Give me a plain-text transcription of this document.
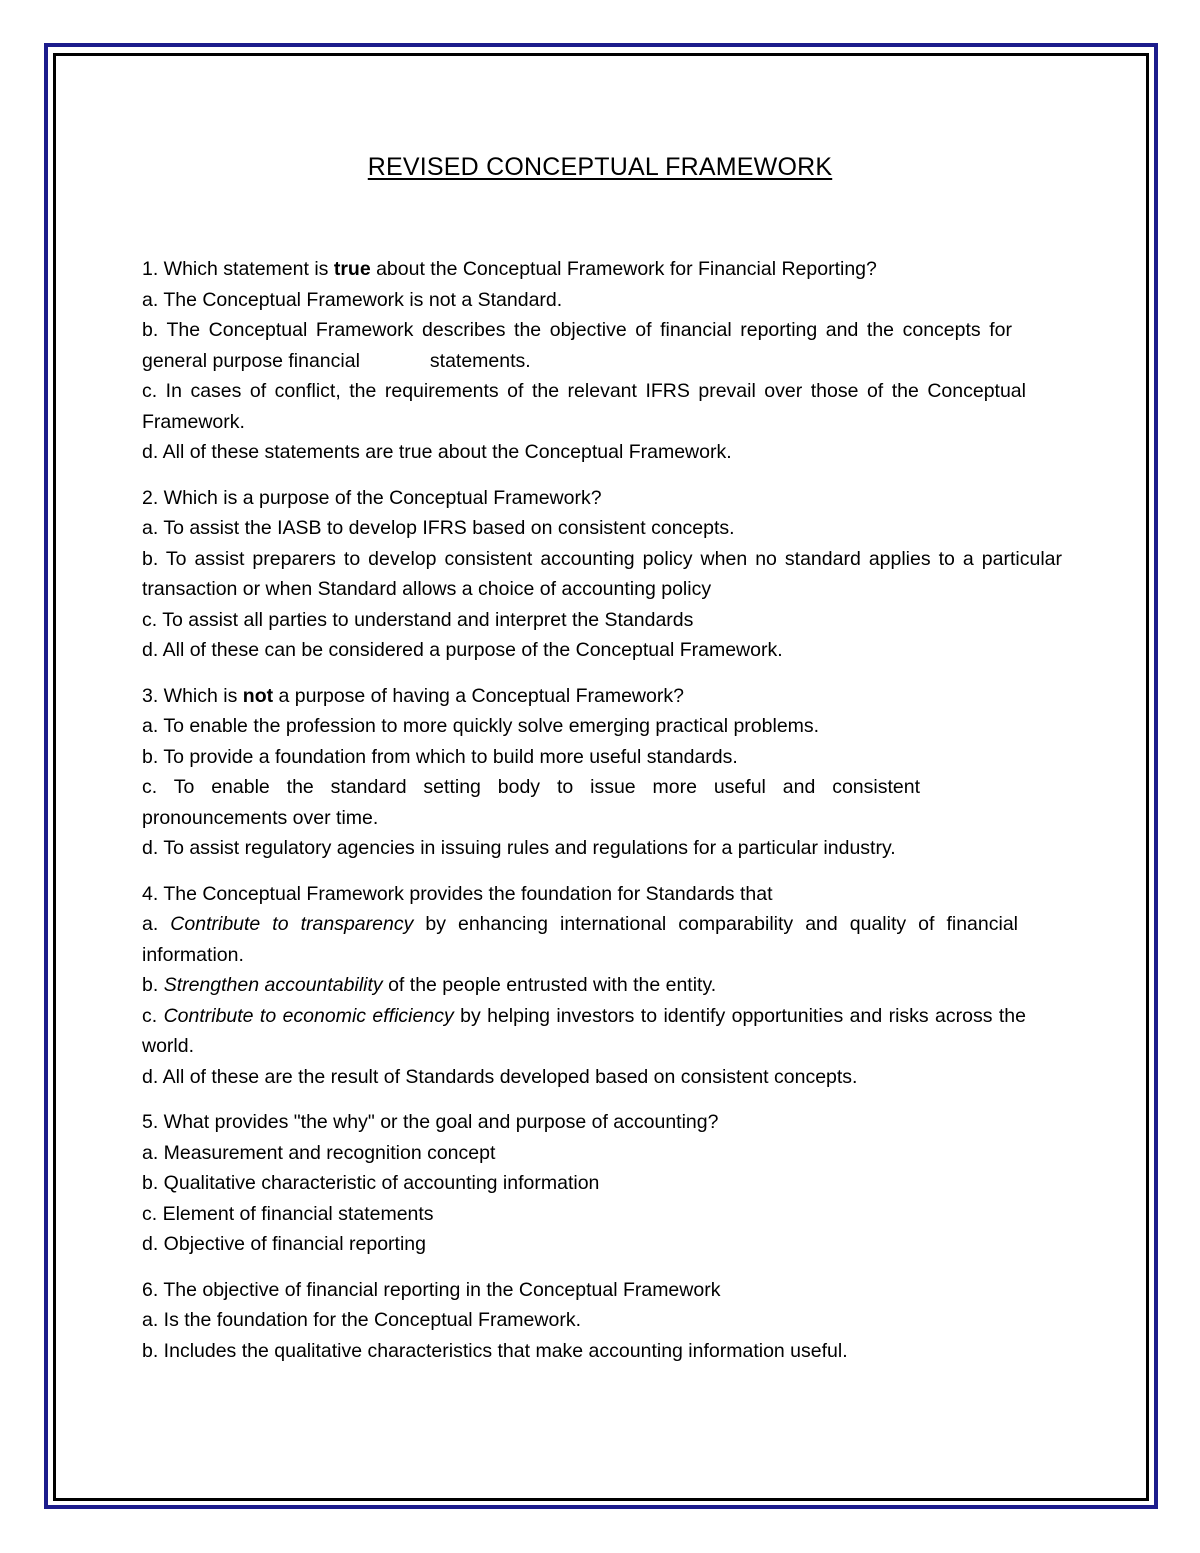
REVISED CONCEPTUAL FRAMEWORK

1. Which statement is true about the Conceptual Framework for Financial Reporting?

a. The Conceptual Framework is not a Standard.

b. The Conceptual Framework describes the objective of financial reporting and the concepts for general purpose financial	statements.

c. In cases of conflict, the requirements of the relevant IFRS prevail over those of the Conceptual Framework.

d. All of these statements are true about the Conceptual Framework.

2. Which is a purpose of the Conceptual Framework?

a. To assist the IASB to develop IFRS based on consistent concepts.

b. To assist preparers to develop consistent accounting policy when no standard applies to a particular transaction or when Standard allows a choice of accounting policy

c. To assist all parties to understand and interpret the Standards

d. All of these can be considered a purpose of the Conceptual Framework.

3. Which is not a purpose of having a Conceptual Framework?

a. To enable the profession to more quickly solve emerging practical problems.

b. To provide a foundation from which to build more useful standards.

c. To enable the standard setting body to issue more useful and consistent pronouncements over time.

d. To assist regulatory agencies in issuing rules and regulations for a particular industry.

4. The Conceptual Framework provides the foundation for Standards that

a. Contribute to transparency by enhancing international comparability and quality of financial information.

b. Strengthen accountability of the people entrusted with the entity.

c. Contribute to economic efficiency by helping investors to identify opportunities and risks across the world.

d. All of these are the result of Standards developed based on consistent concepts.

5. What provides "the why" or the goal and purpose of accounting?

a. Measurement and recognition concept

b. Qualitative characteristic of accounting information

c. Element of financial statements

d. Objective of financial reporting

6. The objective of financial reporting in the Conceptual Framework

a. Is the foundation for the Conceptual Framework.

b. Includes the qualitative characteristics that make accounting information useful.
